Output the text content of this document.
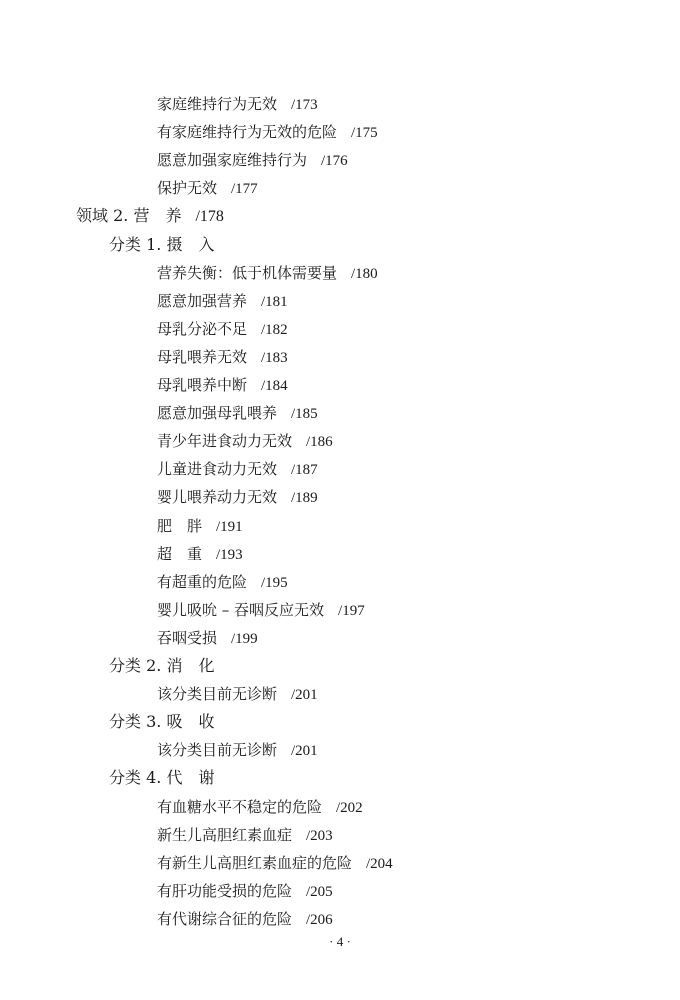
家庭维持行为无效 /173
有家庭维持行为无效的危险 /175
愿意加强家庭维持行为 /176
保护无效 /177
领域 2. 营　养 /178
分类 1. 摄　入
营养失衡：低于机体需要量 /180
愿意加强营养 /181
母乳分泌不足 /182
母乳喂养无效 /183
母乳喂养中断 /184
愿意加强母乳喂养 /185
青少年进食动力无效 /186
儿童进食动力无效 /187
婴儿喂养动力无效 /189
肥　胖 /191
超　重 /193
有超重的危险 /195
婴儿吸吮 – 吞咽反应无效 /197
吞咽受损 /199
分类 2. 消　化
该分类目前无诊断 /201
分类 3. 吸　收
该分类目前无诊断 /201
分类 4. 代　谢
有血糖水平不稳定的危险 /202
新生儿高胆红素血症 /203
有新生儿高胆红素血症的危险 /204
有肝功能受损的危险 /205
有代谢综合征的危险 /206
· 4 ·
